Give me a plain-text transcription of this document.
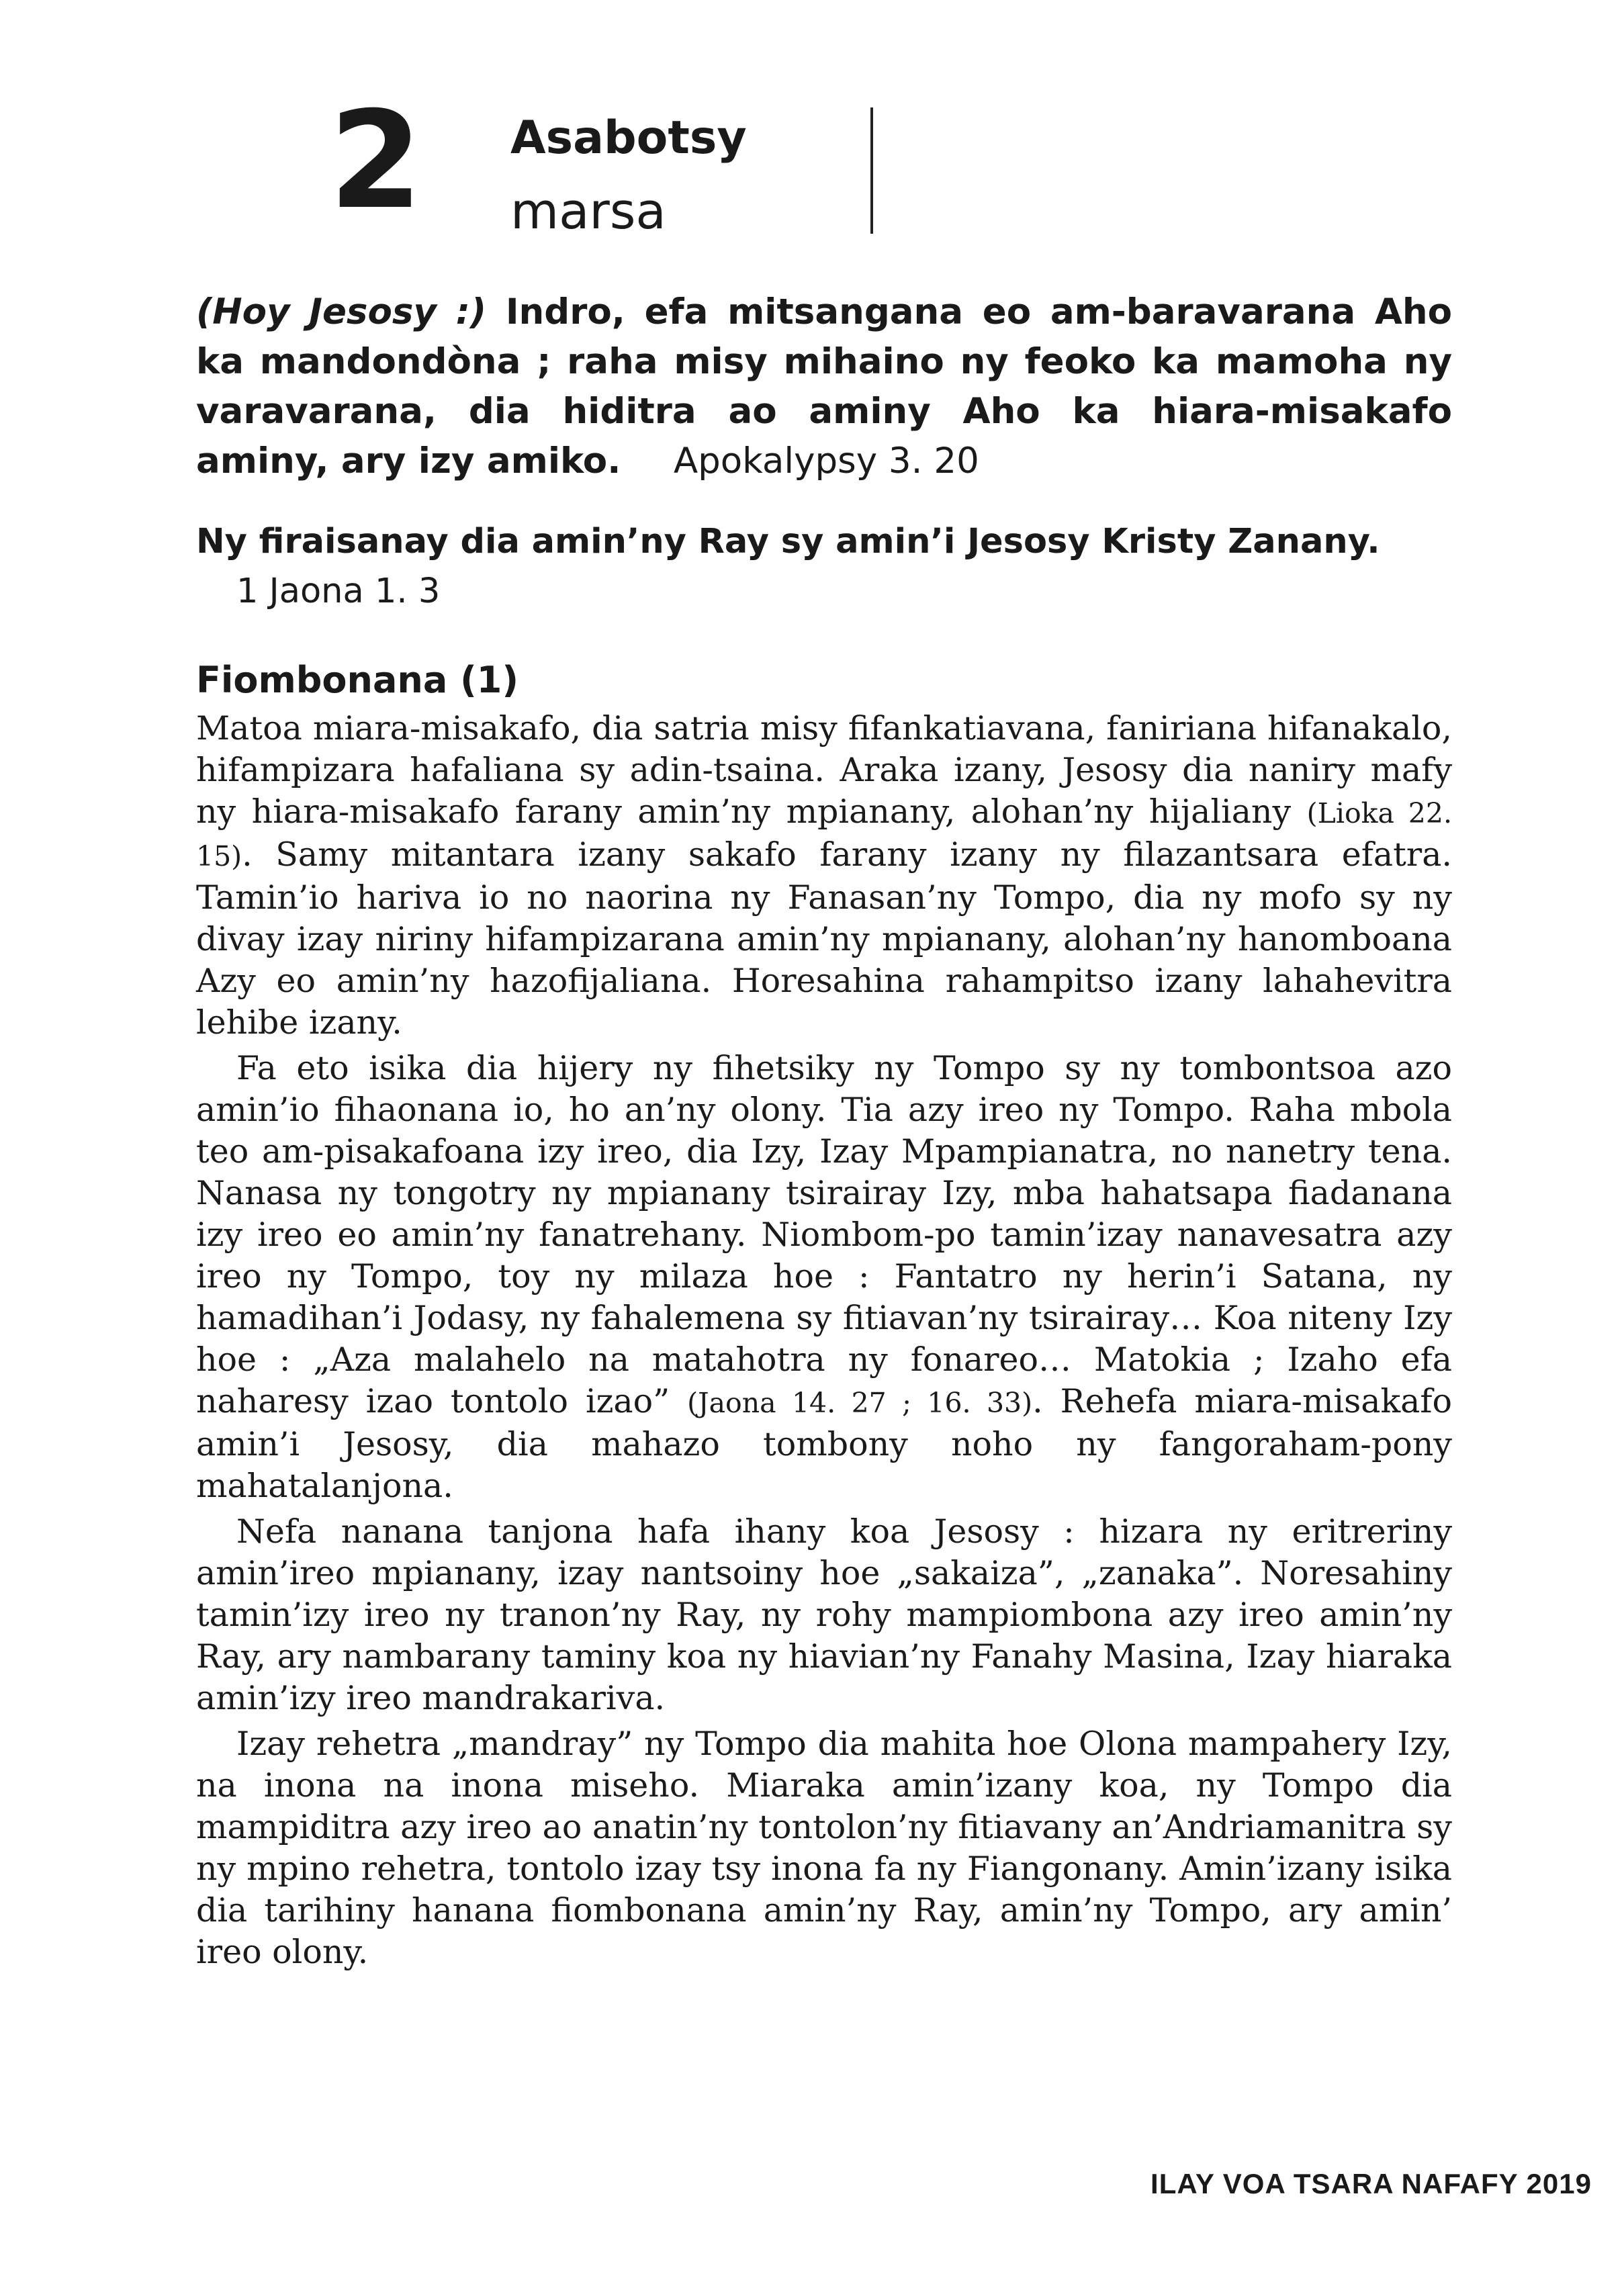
2 Asabotsy
marsa
(Hoy Jesosy :) Indro, efa mitsangana eo am-baravarana Aho ka mandondòna ; raha misy mihaino ny feoko ka mamoha ny varavarana, dia hiditra ao aminy Aho ka hiara-misakafo aminy, ary izy amiko. Apokalypsy 3. 20
Ny firaisanay dia amin’ny Ray sy amin’i Jesosy Kristy Zanany. 1 Jaona 1. 3
Fiombonana (1)

Matoa miara-misakafo, dia satria misy fifankatiavana, faniriana hifanakalo, hifampizara hafaliana sy adin-tsaina. Araka izany, Jesosy dia naniry mafy ny hiara-misakafo farany amin’ny mpianany, alohan’ny hijaliany (Lioka 22. 15). Samy mitantara izany sakafo farany izany ny filazantsara efatra. Tamin’io hariva io no naorina ny Fanasan’ny Tompo, dia ny mofo sy ny divay izay niriny hifampizarana amin’ny mpianany, alohan’ny hanomboana Azy eo amin’ny hazofijaliana. Horesahina rahampitso izany lahahevitra lehibe izany.

Fa eto isika dia hijery ny fihetsiky ny Tompo sy ny tombontsoa azo amin’io fihaonana io, ho an’ny olony. Tia azy ireo ny Tompo. Raha mbola teo am-pisakafoana izy ireo, dia Izy, Izay Mpampianatra, no nanetry tena. Nanasa ny tongotry ny mpianany tsirairay Izy, mba hahatsapa fiadanana izy ireo eo amin’ny fanatrehany. Niombom-po tamin’izay nanavesatra azy ireo ny Tompo, toy ny milaza hoe : Fantatro ny herin’i Satana, ny hamadihan’i Jodasy, ny fahalemena sy fitiavan’ny tsirairay… Koa niteny Izy hoe : „Aza malahelo na matahotra ny fonareo… Matokia ; Izaho efa naharesy izao tontolo izao” (Jaona 14. 27 ; 16. 33). Rehefa miara-misakafo amin’i Jesosy, dia mahazo tombony noho ny fangoraham-pony mahatalanjona.

Nefa nanana tanjona hafa ihany koa Jesosy : hizara ny eritreriny amin’ireo mpianany, izay nantsoiny hoe „sakaiza”, „zanaka”. Noresahiny tamin’izy ireo ny tranon’ny Ray, ny rohy mampiombona azy ireo amin’ny Ray, ary nambarany taminy koa ny hiavian’ny Fanahy Masina, Izay hiaraka amin’izy ireo mandrakariva.

Izay rehetra „mandray” ny Tompo dia mahita hoe Olona mampahery Izy, na inona na inona miseho. Miaraka amin’izany koa, ny Tompo dia mampiditra azy ireo ao anatin’ny tontolon’ny fitiavany an’Andriamanitra sy ny mpino rehetra, tontolo izay tsy inona fa ny Fiangonany. Amin’izany isika dia tarihiny hanana fiombonana amin’ny Ray, amin’ny Tompo, ary amin’ ireo olony.

ILAY VOA TSARA NAFAFY 2019
